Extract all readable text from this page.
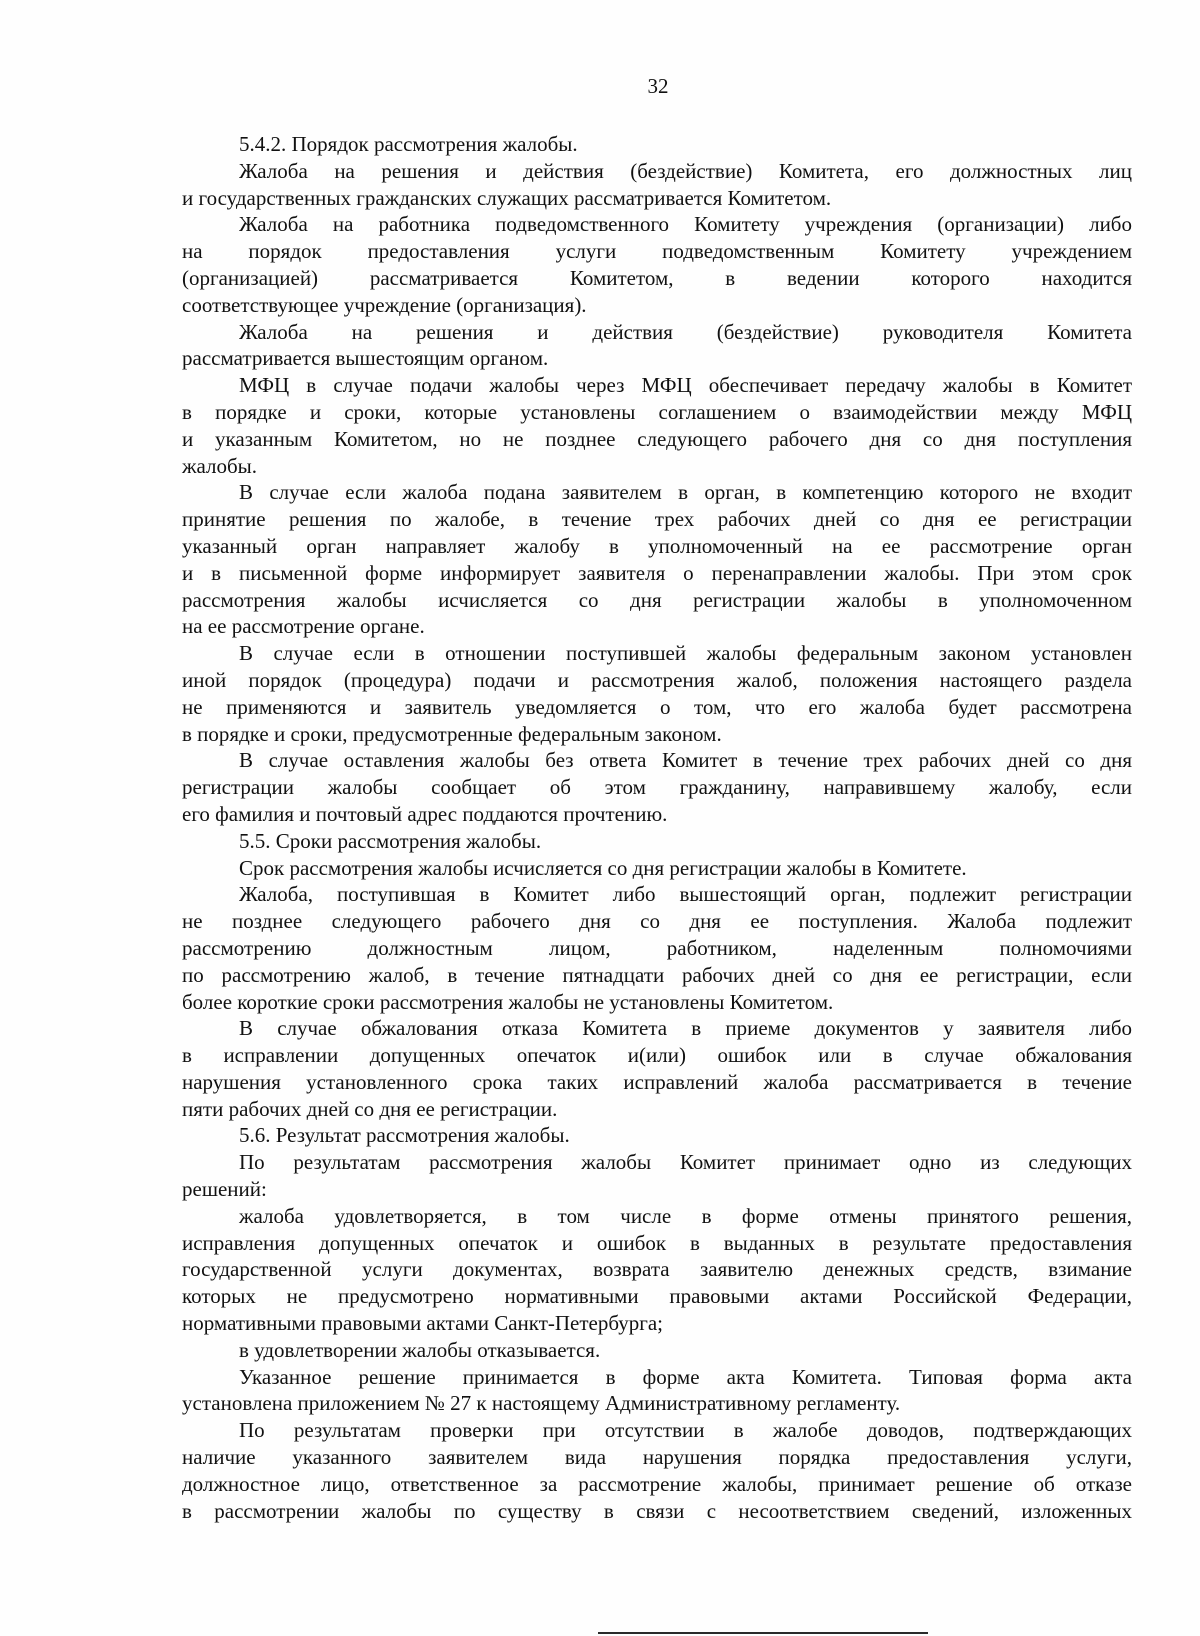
32
5.4.2. Порядок рассмотрения жалобы.
Жалоба на решения и действия (бездействие) Комитета, его должностных лиц
и государственных гражданских служащих рассматривается Комитетом.
Жалоба на работника подведомственного Комитету учреждения (организации) либо
на порядок предоставления услуги подведомственным Комитету учреждением
(организацией) рассматривается Комитетом, в ведении которого находится
соответствующее учреждение (организация).
Жалоба на решения и действия (бездействие) руководителя Комитета
рассматривается вышестоящим органом.
МФЦ в случае подачи жалобы через МФЦ обеспечивает передачу жалобы в Комитет
в порядке и сроки, которые установлены соглашением о взаимодействии между МФЦ
и указанным Комитетом, но не позднее следующего рабочего дня со дня поступления
жалобы.
В случае если жалоба подана заявителем в орган, в компетенцию которого не входит
принятие решения по жалобе, в течение трех рабочих дней со дня ее регистрации
указанный орган направляет жалобу в уполномоченный на ее рассмотрение орган
и в письменной форме информирует заявителя о перенаправлении жалобы. При этом срок
рассмотрения жалобы исчисляется со дня регистрации жалобы в уполномоченном
на ее рассмотрение органе.
В случае если в отношении поступившей жалобы федеральным законом установлен
иной порядок (процедура) подачи и рассмотрения жалоб, положения настоящего раздела
не применяются и заявитель уведомляется о том, что его жалоба будет рассмотрена
в порядке и сроки, предусмотренные федеральным законом.
В случае оставления жалобы без ответа Комитет в течение трех рабочих дней со дня
регистрации жалобы сообщает об этом гражданину, направившему жалобу, если
его фамилия и почтовый адрес поддаются прочтению.
5.5. Сроки рассмотрения жалобы.
Срок рассмотрения жалобы исчисляется со дня регистрации жалобы в Комитете.
Жалоба, поступившая в Комитет либо вышестоящий орган, подлежит регистрации
не позднее следующего рабочего дня со дня ее поступления. Жалоба подлежит
рассмотрению должностным лицом, работником, наделенным полномочиями
по рассмотрению жалоб, в течение пятнадцати рабочих дней со дня ее регистрации, если
более короткие сроки рассмотрения жалобы не установлены Комитетом.
В случае обжалования отказа Комитета в приеме документов у заявителя либо
в исправлении допущенных опечаток и(или) ошибок или в случае обжалования
нарушения установленного срока таких исправлений жалоба рассматривается в течение
пяти рабочих дней со дня ее регистрации.
5.6. Результат рассмотрения жалобы.
По результатам рассмотрения жалобы Комитет принимает одно из следующих
решений:
жалоба удовлетворяется, в том числе в форме отмены принятого решения,
исправления допущенных опечаток и ошибок в выданных в результате предоставления
государственной услуги документах, возврата заявителю денежных средств, взимание
которых не предусмотрено нормативными правовыми актами Российской Федерации,
нормативными правовыми актами Санкт-Петербурга;
в удовлетворении жалобы отказывается.
Указанное решение принимается в форме акта Комитета. Типовая форма акта
установлена приложением № 27 к настоящему Административному регламенту.
По результатам проверки при отсутствии в жалобе доводов, подтверждающих
наличие указанного заявителем вида нарушения порядка предоставления услуги,
должностное лицо, ответственное за рассмотрение жалобы, принимает решение об отказе
в рассмотрении жалобы по существу в связи с несоответствием сведений, изложенных
